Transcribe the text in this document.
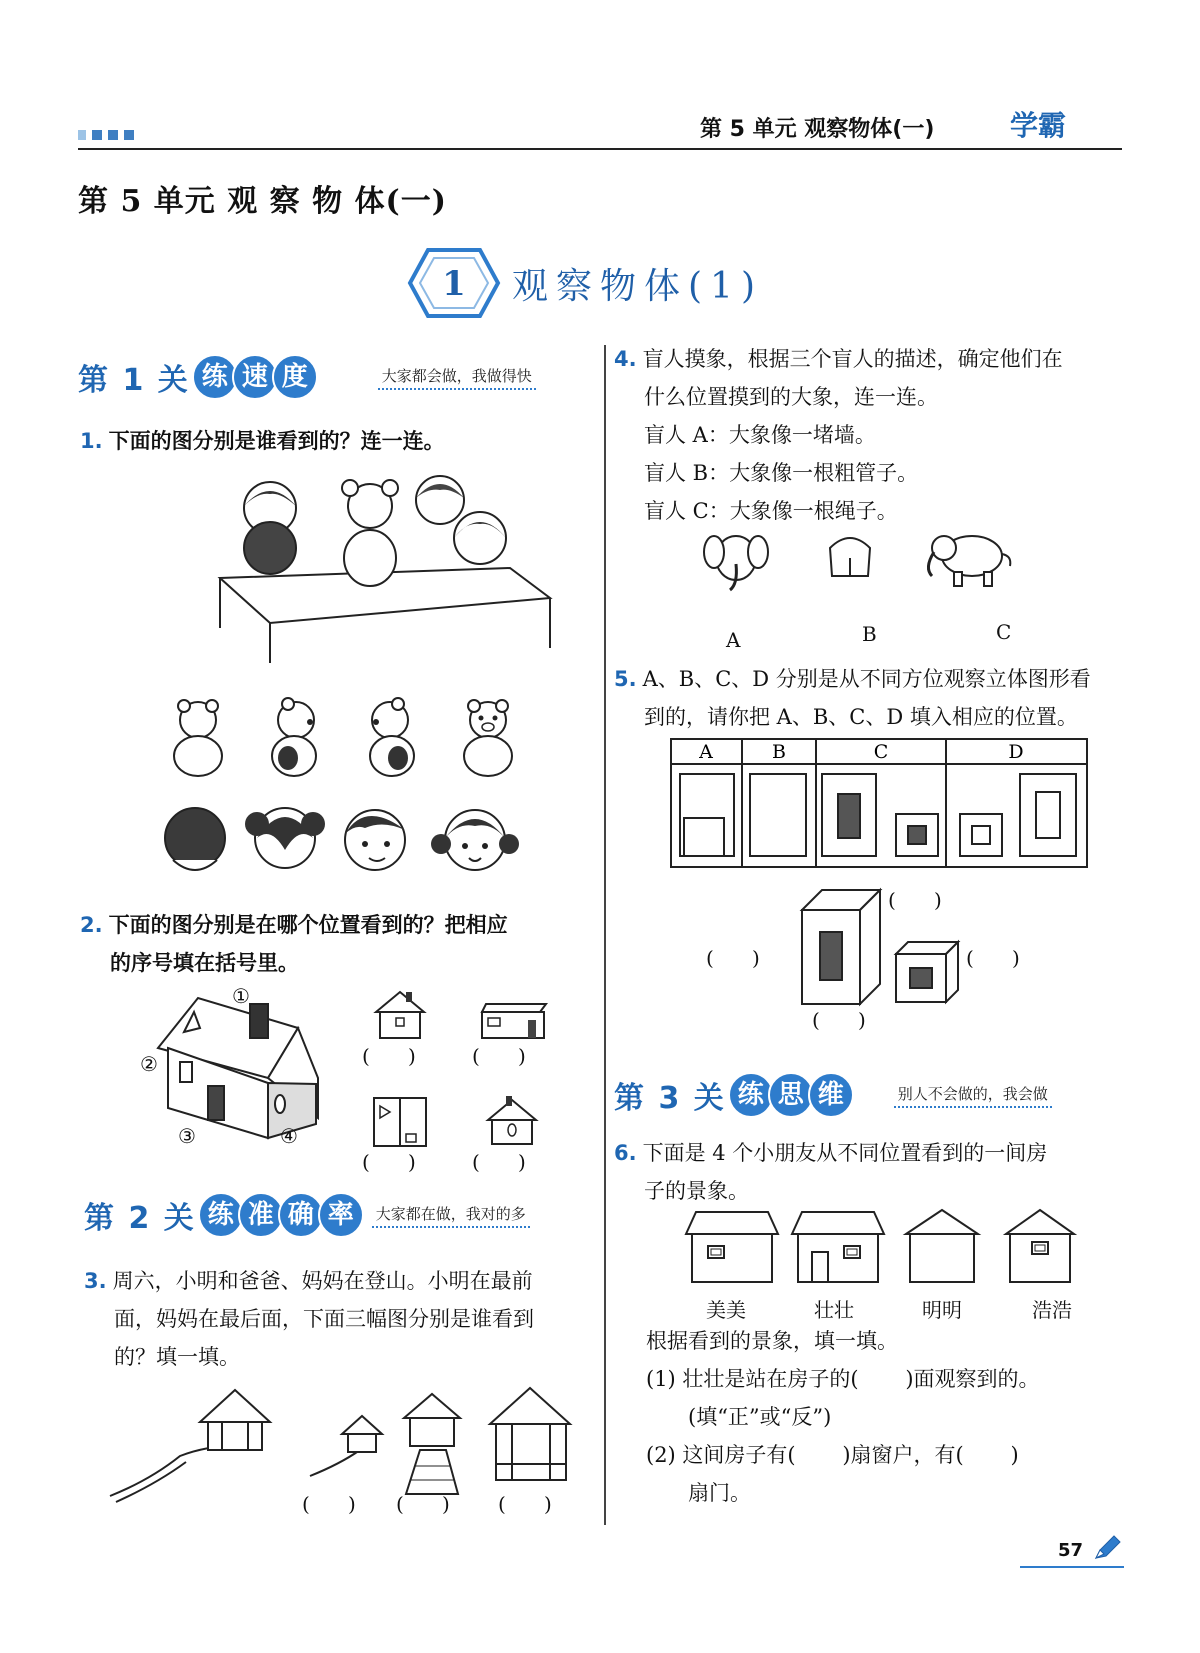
第 5 单元 观察物体(一)	学霸
第 5 单元 观 察 物 体(一)
1 观察物体(1)
第 1 关 练 速 度	大家都会做，我做得快
1. 下面的图分别是谁看到的？连一连。
2. 下面的图分别是在哪个位置看到的？把相应
的序号填在括号里。
①
②
③	④
(      )	(      )
(      )	(      )
第 2 关 练 准 确 率	大家都在做，我对的多
3. 周六，小明和爸爸、妈妈在登山。小明在最前
面，妈妈在最后面，下面三幅图分别是谁看到
的？填一填。
(      ) (      ) (      )
4. 盲人摸象，根据三个盲人的描述，确定他们在
什么位置摸到的大象，连一连。
盲人 A：大象像一堵墙。
盲人 B：大象像一根粗管子。
盲人 C：大象像一根绳子。
A	B	C
5. A、B、C、D 分别是从不同方位观察立体图形看
到的，请你把 A、B、C、D 填入相应的位置。
A	B	C	D
(      )
(      )	(      )
(      )
第 3 关 练 思 维	别人不会做的，我会做
6. 下面是 4 个小朋友从不同位置看到的一间房
子的景象。
美美	壮壮	明明	浩浩
根据看到的景象，填一填。
(1) 壮壮是站在房子的(       )面观察到的。
(填“正”或“反”)
(2) 这间房子有(       )扇窗户，有(       )
扇门。
57
